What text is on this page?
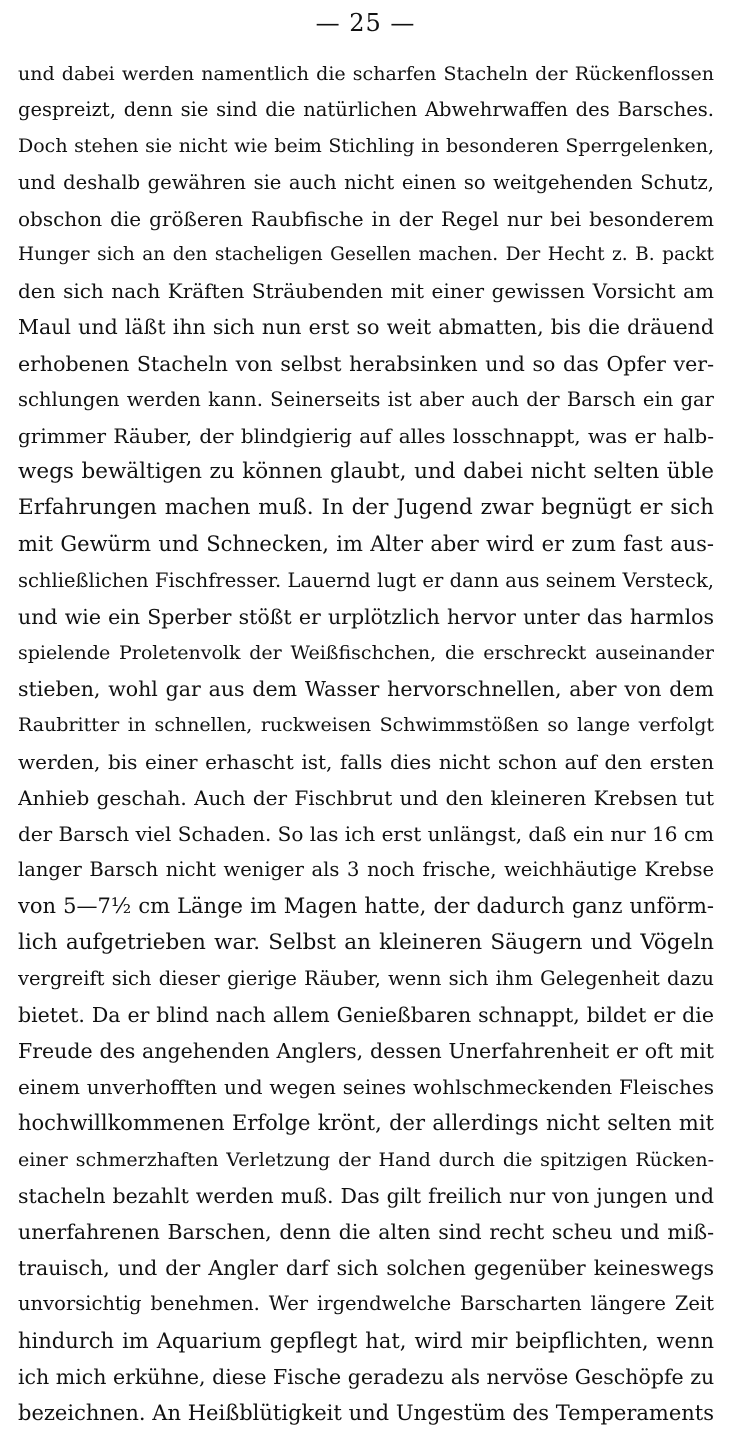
— 25 —
und dabei werden namentlich die scharfen Stacheln der Rückenflossen
gespreizt, denn sie sind die natürlichen Abwehrwaffen des Barsches.
Doch stehen sie nicht wie beim Stichling in besonderen Sperrgelenken,
und deshalb gewähren sie auch nicht einen so weitgehenden Schutz,
obschon die größeren Raubfische in der Regel nur bei besonderem
Hunger sich an den stacheligen Gesellen machen. Der Hecht z. B. packt
den sich nach Kräften Sträubenden mit einer gewissen Vorsicht am
Maul und läßt ihn sich nun erst so weit abmatten, bis die dräuend
erhobenen Stacheln von selbst herabsinken und so das Opfer ver-
schlungen werden kann. Seinerseits ist aber auch der Barsch ein gar
grimmer Räuber, der blindgierig auf alles losschnappt, was er halb-
wegs bewältigen zu können glaubt, und dabei nicht selten üble
Erfahrungen machen muß. In der Jugend zwar begnügt er sich
mit Gewürm und Schnecken, im Alter aber wird er zum fast aus-
schließlichen Fischfresser. Lauernd lugt er dann aus seinem Versteck,
und wie ein Sperber stößt er urplötzlich hervor unter das harmlos
spielende Proletenvolk der Weißfischchen, die erschreckt auseinander
stieben, wohl gar aus dem Wasser hervorschnellen, aber von dem
Raubritter in schnellen, ruckweisen Schwimmstößen so lange verfolgt
werden, bis einer erhascht ist, falls dies nicht schon auf den ersten
Anhieb geschah. Auch der Fischbrut und den kleineren Krebsen tut
der Barsch viel Schaden. So las ich erst unlängst, daß ein nur 16 cm
langer Barsch nicht weniger als 3 noch frische, weichhäutige Krebse
von 5—7½ cm Länge im Magen hatte, der dadurch ganz unförm-
lich aufgetrieben war. Selbst an kleineren Säugern und Vögeln
vergreift sich dieser gierige Räuber, wenn sich ihm Gelegenheit dazu
bietet. Da er blind nach allem Genießbaren schnappt, bildet er die
Freude des angehenden Anglers, dessen Unerfahrenheit er oft mit
einem unverhofften und wegen seines wohlschmeckenden Fleisches
hochwillkommenen Erfolge krönt, der allerdings nicht selten mit
einer schmerzhaften Verletzung der Hand durch die spitzigen Rücken-
stacheln bezahlt werden muß. Das gilt freilich nur von jungen und
unerfahrenen Barschen, denn die alten sind recht scheu und miß-
trauisch, und der Angler darf sich solchen gegenüber keineswegs
unvorsichtig benehmen. Wer irgendwelche Barscharten längere Zeit
hindurch im Aquarium gepflegt hat, wird mir beipflichten, wenn
ich mich erkühne, diese Fische geradezu als nervöse Geschöpfe zu
bezeichnen. An Heißblütigkeit und Ungestüm des Temperaments
